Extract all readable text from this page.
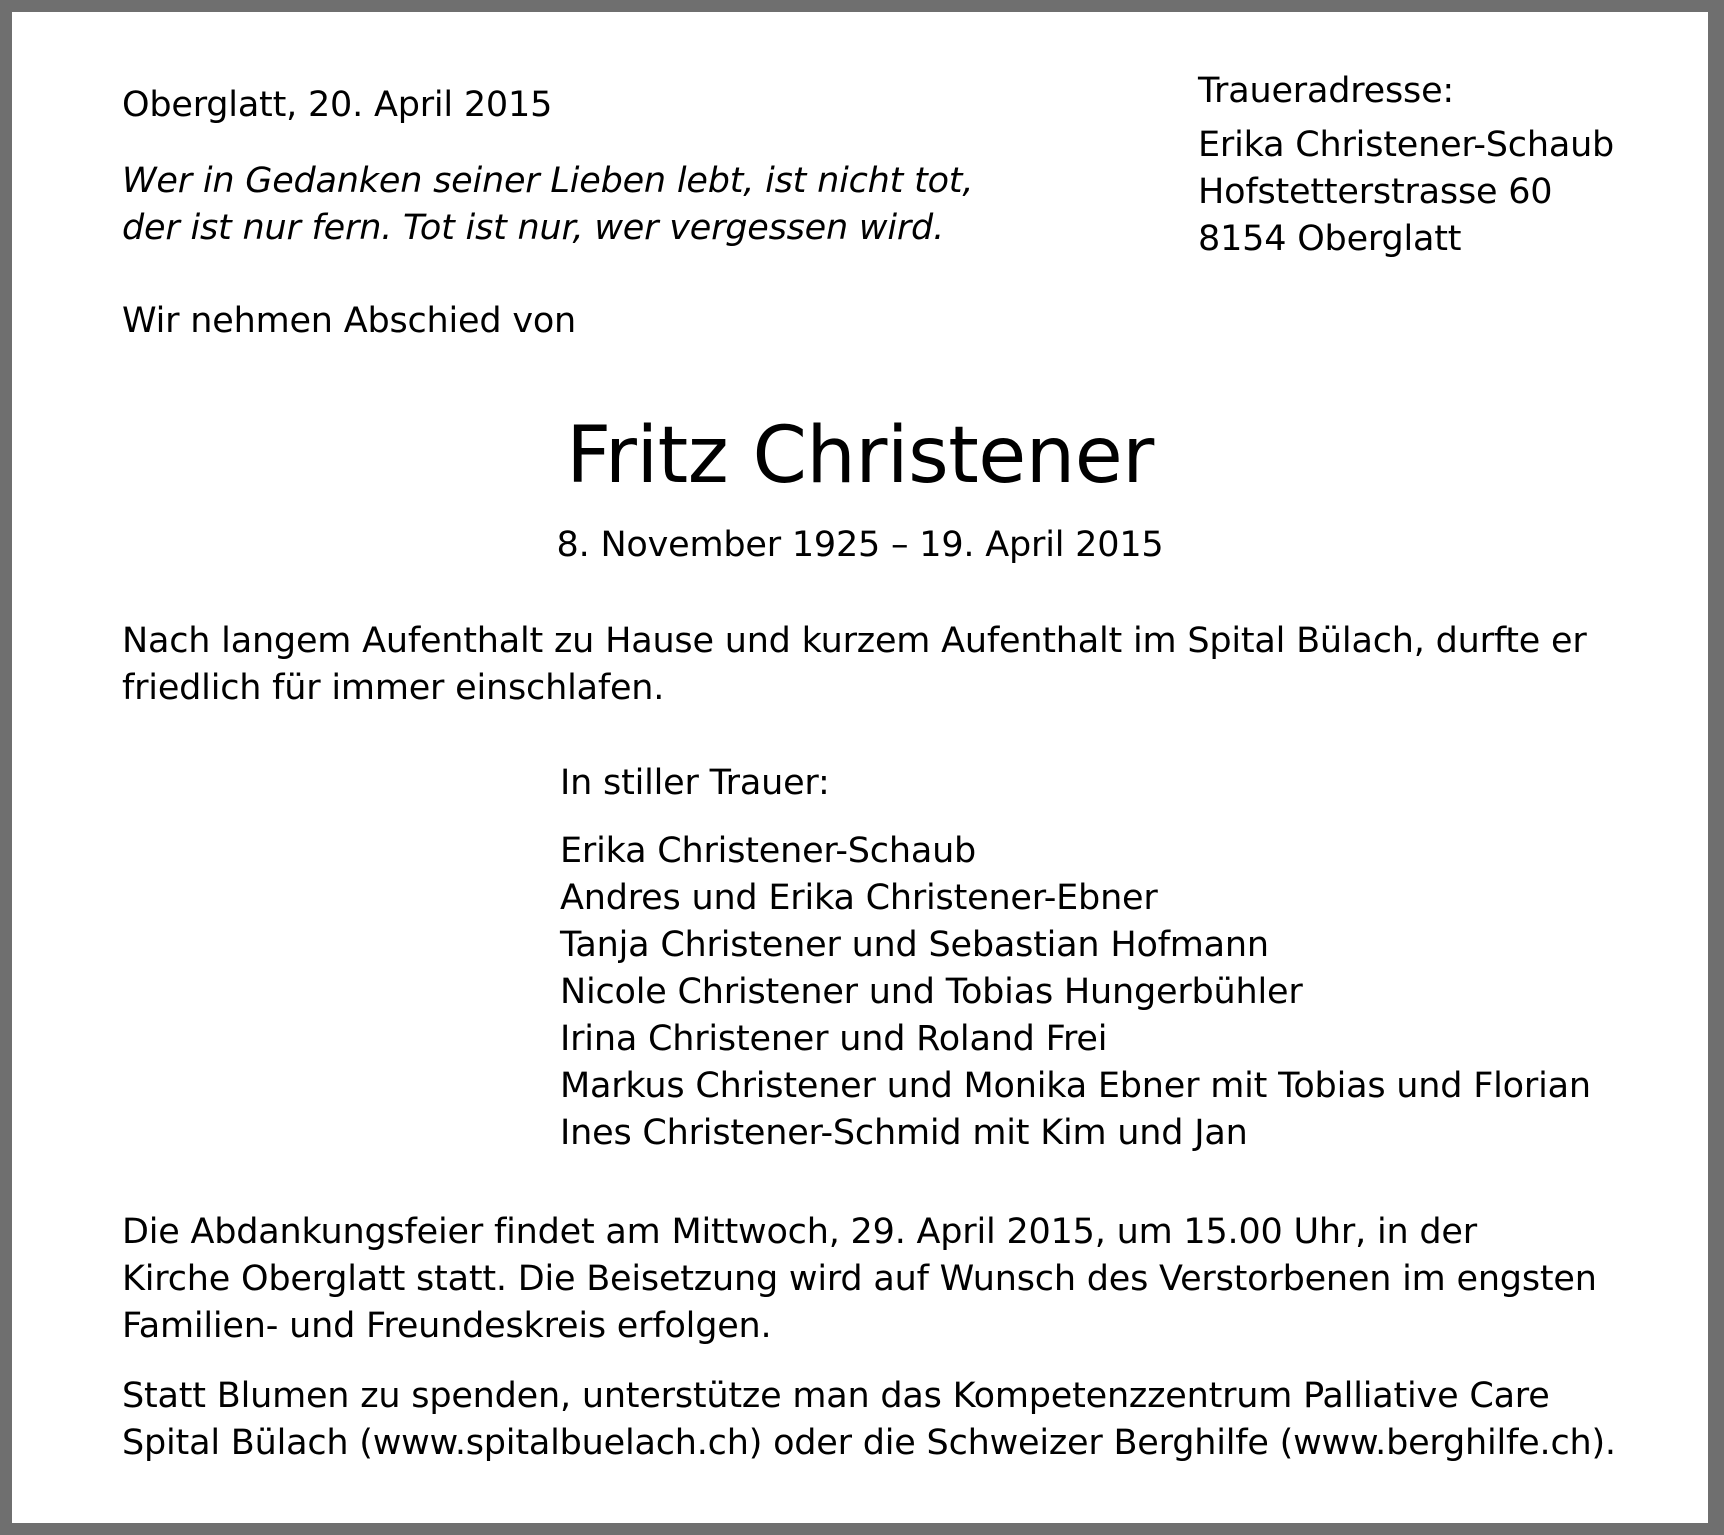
Oberglatt, 20. April 2015

Wer in Gedanken seiner Lieben lebt, ist nicht tot,
der ist nur fern. Tot ist nur, wer vergessen wird.

Traueradresse:

Erika Christener-Schaub
Hofstetterstrasse 60
8154 Oberglatt

Wir nehmen Abschied von

Fritz Christener

8. November 1925 – 19. April 2015

Nach langem Aufenthalt zu Hause und kurzem Aufenthalt im Spital Bülach, durfte er
friedlich für immer einschlafen.

In stiller Trauer:

Erika Christener-Schaub
Andres und Erika Christener-Ebner
Tanja Christener und Sebastian Hofmann
Nicole Christener und Tobias Hungerbühler
Irina Christener und Roland Frei
Markus Christener und Monika Ebner mit Tobias und Florian
Ines Christener-Schmid mit Kim und Jan
Die Abdankungsfeier findet am Mittwoch, 29. April 2015, um 15.00 Uhr, in der
Kirche Oberglatt statt. Die Beisetzung wird auf Wunsch des Verstorbenen im engsten
Familien- und Freundeskreis erfolgen.
Statt Blumen zu spenden, unterstütze man das Kompetenzzentrum Palliative Care
Spital Bülach (www.spitalbuelach.ch) oder die Schweizer Berghilfe (www.berghilfe.ch).
